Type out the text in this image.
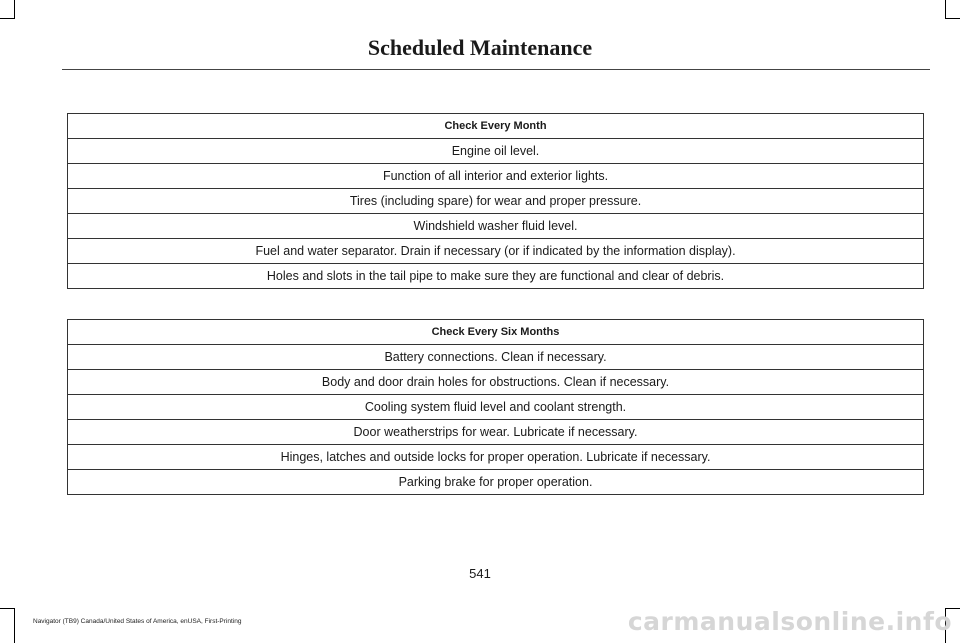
Scheduled Maintenance
Check Every Month
Engine oil level.
Function of all interior and exterior lights.
Tires (including spare) for wear and proper pressure.
Windshield washer fluid level.
Fuel and water separator. Drain if necessary (or if indicated by the information display).
Holes and slots in the tail pipe to make sure they are functional and clear of debris.
Check Every Six Months
Battery connections. Clean if necessary.
Body and door drain holes for obstructions. Clean if necessary.
Cooling system fluid level and coolant strength.
Door weatherstrips for wear. Lubricate if necessary.
Hinges, latches and outside locks for proper operation. Lubricate if necessary.
Parking brake for proper operation.
541
Navigator (TB9) Canada/United States of America, enUSA, First-Printing	carmanualsonline.info
